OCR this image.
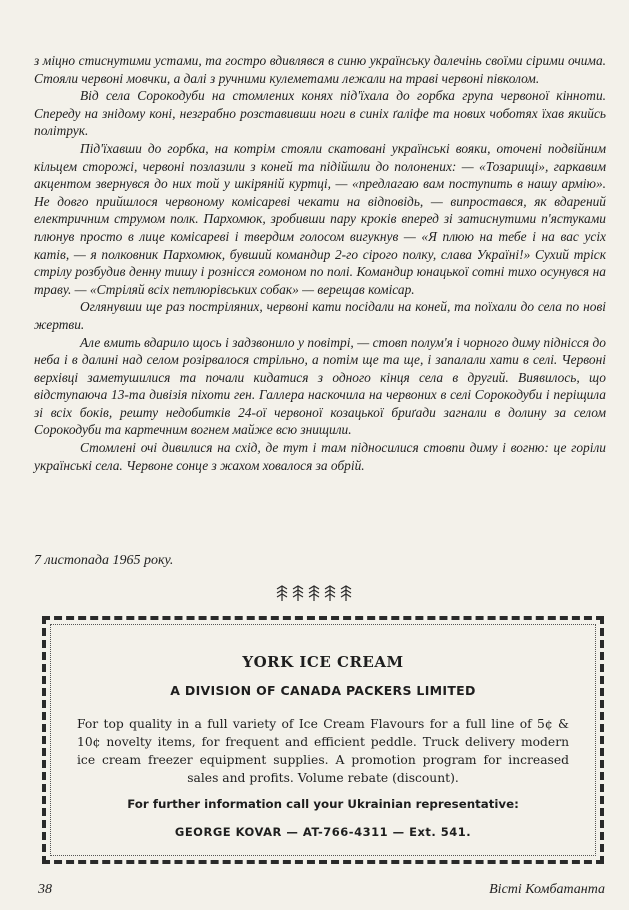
з міцно стиснутими устами, та гостро вдивлявся в синю українську далечінь своїми сірими очима. Стояли червоні мовчки, а далі з ручними кулеметами лежали на траві червоні півколом.

Від села Сорокодуби на стомлених конях під'їхала до горбка група червоної кінноти. Спереду на знідому коні, незграбно розставивши ноги в синіх ґаліфе та нових чоботях їхав якийсь політрук.

Під'їхавши до горбка, на котрім стояли скатовані українські вояки, оточені подвійним кільцем сторожі, червоні позлазили з коней та підійшли до полонених: — «Тозарищі», гаркавим акцентом звернувся до них той у шкіряній куртці, — «предлагаю вам поступить в нашу армію». Не довго прийшлося червоному комісареві чекати на відповідь, — випростався, як вдарений електричним струмом полк. Пархомюк, зробивши пару кроків вперед зі затиснутими п'ястуками плюнув просто в лице комісареві і твердим голосом вигукнув — «Я плюю на тебе і на вас усіх катів, — я полковник Пархомюк, бувший командир 2-го сірого полку, слава Україні!» Сухий тріск стрілу розбудив денну тишу і рознісся гомоном по полі. Командир юнацької сотні тихо осунувся на траву. — «Стріляй всіх петлюрівських собак» — верещав комісар.

Оглянувши ще раз постріляних, червоні кати посідали на коней, та поїхали до села по нові жертви.

Але вмить вдарило щось і задзвонило у повітрі, — стовп полум'я і чорного диму піднісся до неба і в далині над селом розірвалося стрільно, а потім ще та ще, і запалали хати в селі. Червоні верхівці заметушилися та почали кидатися з одного кінця села в другий. Виявилось, що відступаюча 13-та дивізія піхоти ген. Галлера наскочила на червоних в селі Сорокодуби і періщила зі всіх боків, решту недобитків 24-ої червоної козацької бриґади загнали в долину за селом Сорокодуби та картечним вогнем майже всю знищили.

Стомлені очі дивилися на схід, де тут і там підносилися стовпи диму і вогню: це горіли українські села. Червоне сонце з жахом ховалося за обрій.

7 листопада 1965 року.
YORK ICE CREAM
A DIVISION OF CANADA PACKERS LIMITED
For top quality in a full variety of Ice Cream Flavours for a full line of 5¢ & 10¢ novelty items, for frequent and efficient peddle. Truck delivery modern ice cream freezer equipment supplies. A promotion program for increased sales and profits. Volume rebate (discount).
For further information call your Ukrainian representative:
GEORGE KOVAR — AT-766-4311 — Ext. 541.
38	Вісті Комбатанта
